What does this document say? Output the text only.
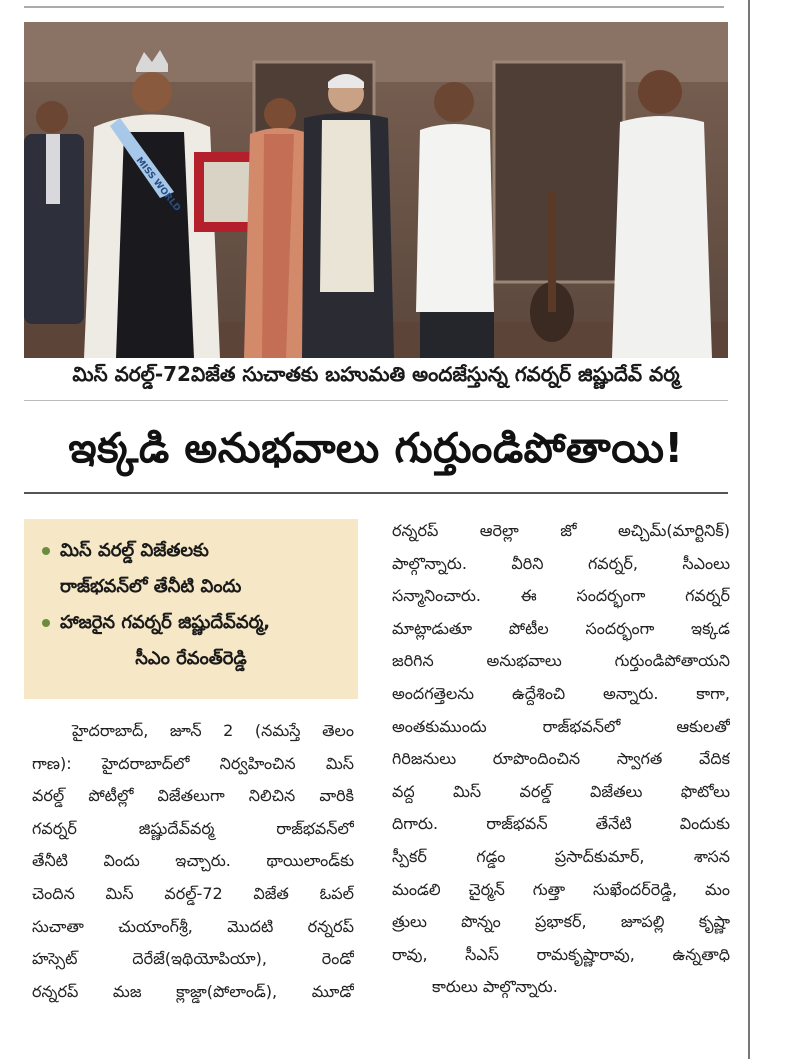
MISS WORLD
మిస్ వరల్డ్-72విజేత సుచాతకు బహుమతి అందజేస్తున్న గవర్నర్ జిష్ణుదేవ్ వర్మ
ఇక్కడి అనుభవాలు గుర్తుండిపోతాయి!
మిస్ వరల్డ్ విజేతలకు
రాజ్‌భవన్‌లో తేనీటి విందు
హాజరైన గవర్నర్ జిష్ణుదేవ్‌వర్మ,
సీఎం రేవంత్‌రెడ్డి
హైదరాబాద్, జూన్ 2 (నమస్తే తెలం
గాణ): హైదరాబాద్‌లో నిర్వహించిన మిస్
వరల్డ్ పోటీల్లో విజేతలుగా నిలిచిన వారికి
గవర్నర్ జిష్ణుదేవ్‌వర్మ రాజ్‌భవన్‌లో
తేనీటి విందు ఇచ్చారు. థాయిలాండ్‌కు
చెందిన మిస్ వరల్డ్-72 విజేత ఓపల్
సుచాతా చుయాంగ్‌శ్రీ, మొదటి రన్నరప్
హస్సెట్ దెరేజే(ఇథియోపియా), రెండో
రన్నరప్ మజ క్లాజ్డా(పోలాండ్), మూడో
రన్నరప్ ఆరెల్లా జో అచ్చిమ్(మార్టినిక్)
పాల్గొన్నారు. వీరిని గవర్నర్, సీఎంలు
సన్మానించారు. ఈ సందర్భంగా గవర్నర్
మాట్లాడుతూ పోటీల సందర్భంగా ఇక్కడ
జరిగిన అనుభవాలు గుర్తుండిపోతాయని
అందగత్తెలను ఉద్దేశించి అన్నారు. కాగా,
అంతకుముందు రాజ్‌భవన్‌లో ఆకులతో
గిరిజనులు రూపొందించిన స్వాగత వేదిక
వద్ద మిస్ వరల్డ్ విజేతలు ఫొటోలు
దిగారు. రాజ్‌భవన్ తేనేటి విందుకు
స్పీకర్ గడ్డం ప్రసాద్‌కుమార్, శాసన
మండలి చైర్మన్ గుత్తా సుఖేందర్‌రెడ్డి, మం
త్రులు పొన్నం ప్రభాకర్, జూపల్లి కృష్ణా
రావు, సీఎస్ రామకృష్ణారావు, ఉన్నతాధి
కారులు పాల్గొన్నారు.
